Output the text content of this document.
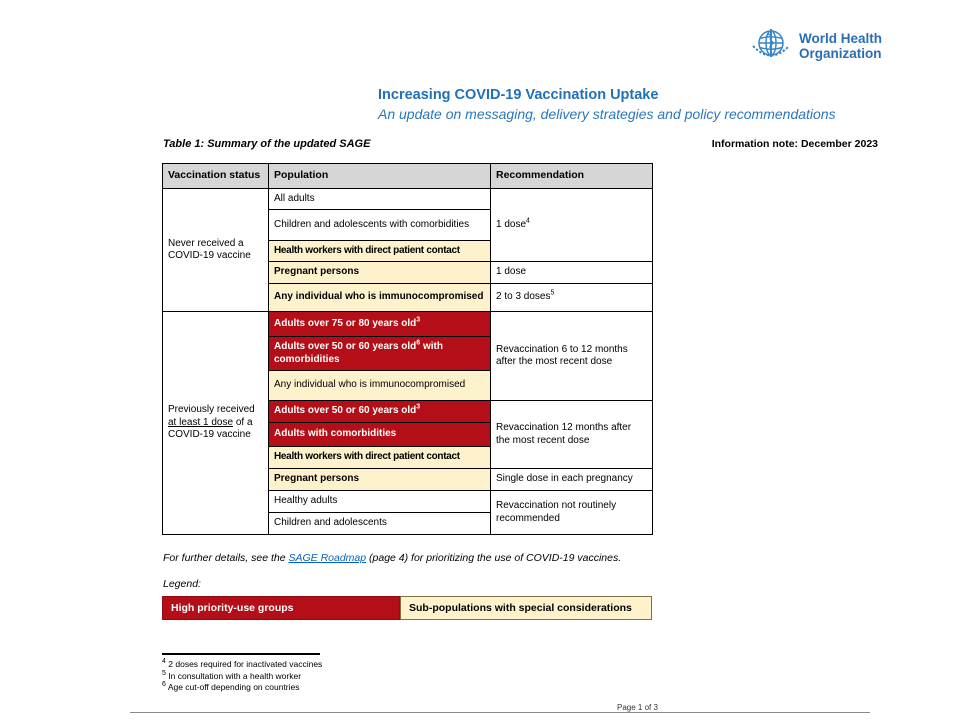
World Health
Organization
Increasing COVID-19 Vaccination Uptake
An update on messaging, delivery strategies and policy recommendations
Table 1: Summary of the updated SAGE	Information note: December 2023
Vaccination status	Population	Recommendation
Never received a COVID-19 vaccine	All adults	1 dose$^4$
	Children and adolescents with comorbidities	
	Health workers with direct patient contact	
	Pregnant persons	1 dose
	Any individual who is immunocompromised	2 to 3 doses$^5$
Previously received at least 1 dose of a COVID-19 vaccine	Adults over 75 or 80 years old$^3$	Revaccination 6 to 12 months after the most recent dose
	Adults over 50 or 60 years old$^6$ with comorbidities	
	Any individual who is immunocompromised	
	Adults over 50 or 60 years old$^3$	Revaccination 12 months after the most recent dose
	Adults with comorbidities	
	Health workers with direct patient contact	
	Pregnant persons	Single dose in each pregnancy
	Healthy adults	Revaccination not routinely recommended
	Children and adolescents	
For further details, see the SAGE Roadmap (page 4) for prioritizing the use of COVID-19 vaccines.
Legend:
High priority-use groups	Sub-populations with special considerations
$^4$ 2 doses required for inactivated vaccines
$^5$ In consultation with a health worker
$^6$ Age cut-off depending on countries
Page 1 of 3
